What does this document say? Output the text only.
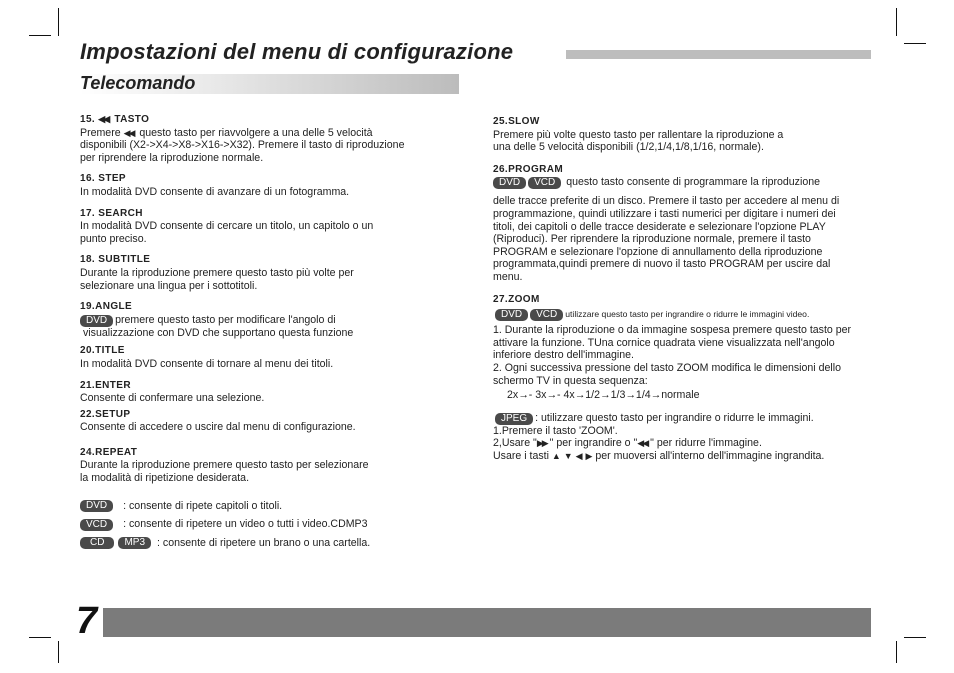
Impostazioni del menu di configurazione
Telecomando
15. ◀◀ TASTO
Premere ◀◀ questo tasto per riavvolgere a una delle 5 velocità
disponibili (X2->X4->X8->X16->X32). Premere il tasto di riproduzione
per riprendere la riproduzione normale.
16. STEP
In modalità DVD consente di avanzare di un fotogramma.
17. SEARCH
In modalità DVD consente di cercare un titolo, un capitolo o un
punto preciso.
18. SUBTITLE
Durante la riproduzione premere questo tasto più volte per
selezionare una lingua per i sottotitoli.
19.ANGLE
DVD premere questo tasto per modificare l'angolo di
visualizzazione con DVD che supportano questa funzione
20.TITLE
In modalità DVD consente di tornare al menu dei titoli.
21.ENTER
Consente di confermare una selezione.
22.SETUP
Consente di accedere o uscire dal menu di configurazione.
24.REPEAT
Durante la riproduzione premere questo tasto per selezionare
la modalità di ripetizione desiderata.
DVD	: consente di ripete capitoli o titoli.
VCD	: consente di ripetere un video o tutti i video.CDMP3
CD	MP3	: consente di ripetere un brano o una cartella.
25.SLOW
Premere più volte questo tasto per rallentare la riproduzione a
una delle 5 velocità disponibili (1/2,1/4,1/8,1/16, normale).
26.PROGRAM
DVD VCD questo tasto consente di programmare la riproduzione
delle tracce preferite di un disco. Premere il tasto per accedere al menu di programmazione, quindi utilizzare i tasti numerici per digitare i numeri dei titoli, dei capitoli o delle tracce desiderate e selezionare l'opzione PLAY (Riproduci). Per riprendere la riproduzione normale, premere il tasto PROGRAM e selezionare l'opzione di annullamento della riproduzione programmata,quindi premere di nuovo il tasto PROGRAM per uscire dal menu.
27.ZOOM
DVD VCD utilizzare questo tasto per ingrandire o ridurre le immagini video.
1. Durante la riproduzione o da immagine sospesa premere questo tasto per attivare la funzione. TUna cornice quadrata viene visualizzata nell'angolo inferiore destro dell'immagine.
2. Ogni successiva pressione del tasto ZOOM modifica le dimensioni dello schermo TV in questa sequenza:
2x→- 3x→- 4x→1/2→1/3→1/4→normale
JPEG : utilizzare questo tasto per ingrandire o ridurre le immagini.
1.Premere il tasto 'ZOOM'.
2,Usare "▶▶ " per ingrandire o "◀◀ " per ridurre l'immagine.
Usare i tasti ▲ ▼ ◀ ▶ per muoversi all'interno dell'immagine ingrandita.
7
